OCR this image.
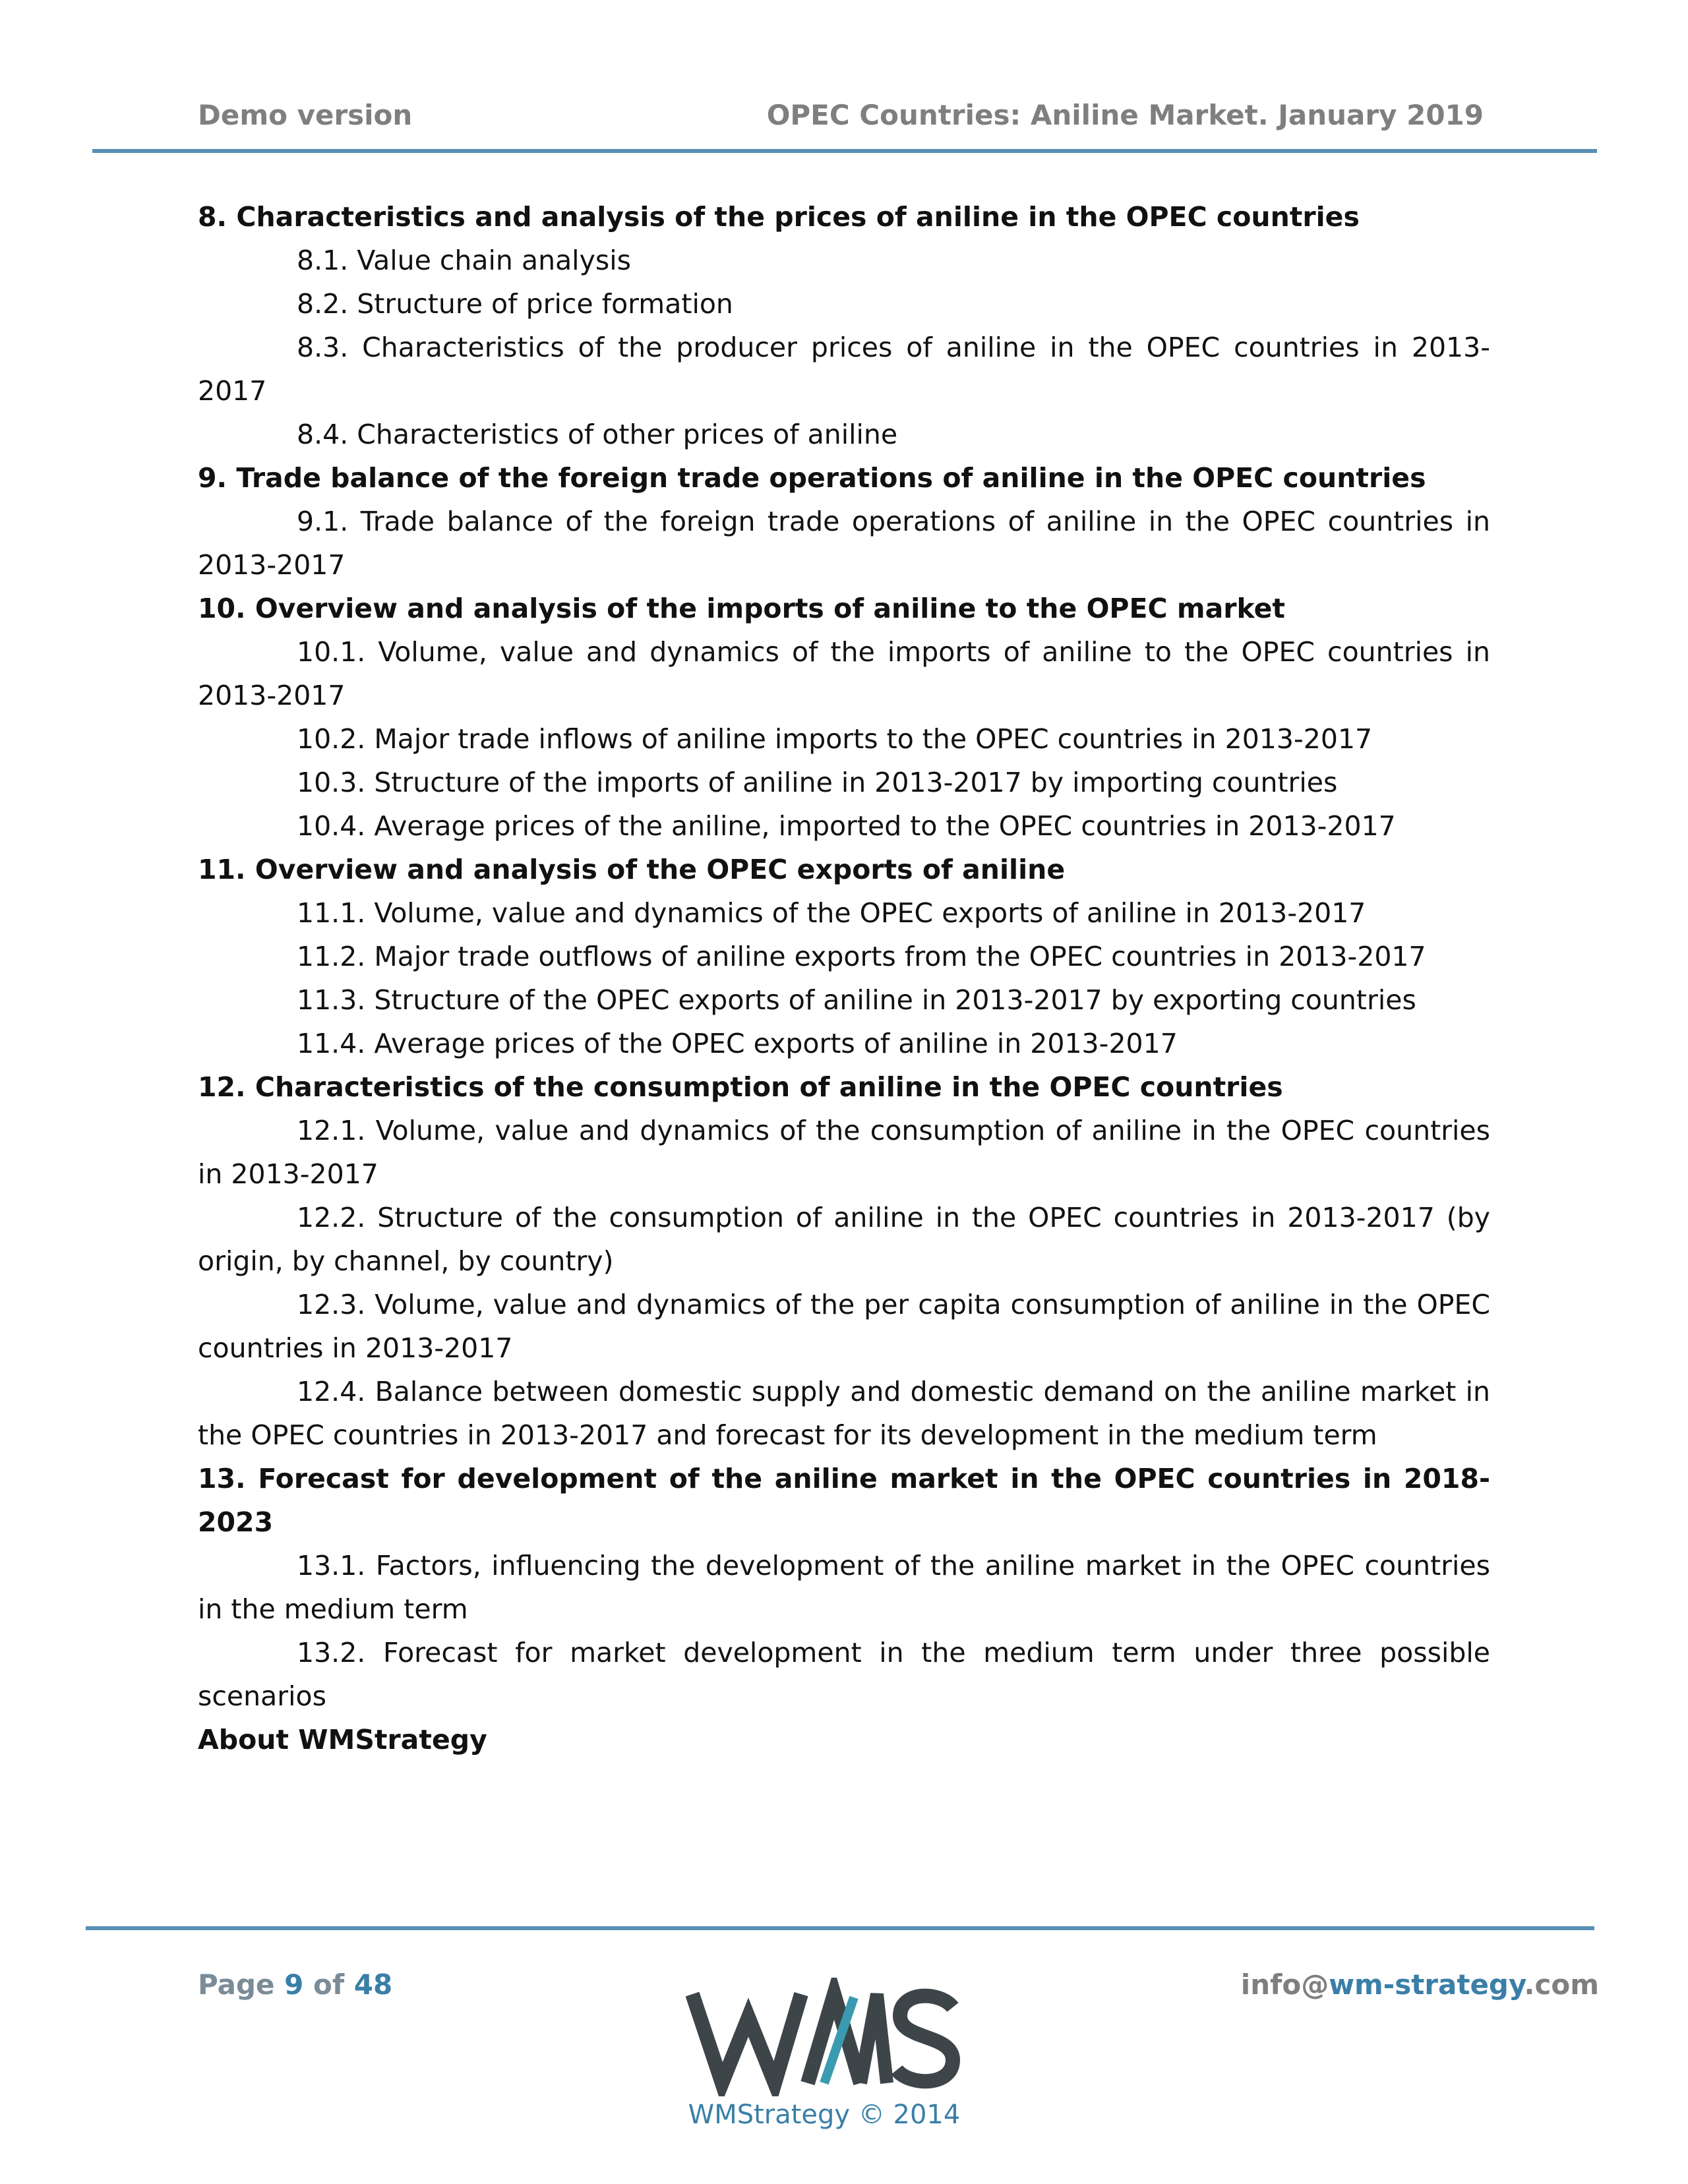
Demo version	OPEC Countries: Aniline Market. January 2019
8. Characteristics and analysis of the prices of aniline in the OPEC countries
8.1. Value chain analysis
8.2. Structure of price formation
8.3. Characteristics of the producer prices of aniline in the OPEC countries in 2013-2017
8.4. Characteristics of other prices of aniline
9. Trade balance of the foreign trade operations of aniline in the OPEC countries
9.1. Trade balance of the foreign trade operations of aniline in the OPEC countries in 2013-2017
10. Overview and analysis of the imports of aniline to the OPEC market
10.1. Volume, value and dynamics of the imports of aniline to the OPEC countries in 2013-2017
10.2. Major trade inflows of aniline imports to the OPEC countries in 2013-2017
10.3. Structure of the imports of aniline in 2013-2017 by importing countries
10.4. Average prices of the aniline, imported to the OPEC countries in 2013-2017
11. Overview and analysis of the OPEC exports of aniline
11.1. Volume, value and dynamics of the OPEC exports of aniline in 2013-2017
11.2. Major trade outflows of aniline exports from the OPEC countries in 2013-2017
11.3. Structure of the OPEC exports of aniline in 2013-2017 by exporting countries
11.4. Average prices of the OPEC exports of aniline in 2013-2017
12. Characteristics of the consumption of aniline in the OPEC countries
12.1. Volume, value and dynamics of the consumption of aniline in the OPEC countries in 2013-2017
12.2. Structure of the consumption of aniline in the OPEC countries in 2013-2017 (by origin, by channel, by country)
12.3. Volume, value and dynamics of the per capita consumption of aniline in the OPEC countries in 2013-2017
12.4. Balance between domestic supply and domestic demand on the aniline market in the OPEC countries in 2013-2017 and forecast for its development in the medium term
13. Forecast for development of the aniline market in the OPEC countries in 2018-2023
13.1. Factors, influencing the development of the aniline market in the OPEC countries in the medium term
13.2. Forecast for market development in the medium term under three possible scenarios
About WMStrategy
Page 9 of 48	WMS
WMStrategy © 2014
info@wm-strategy.com
